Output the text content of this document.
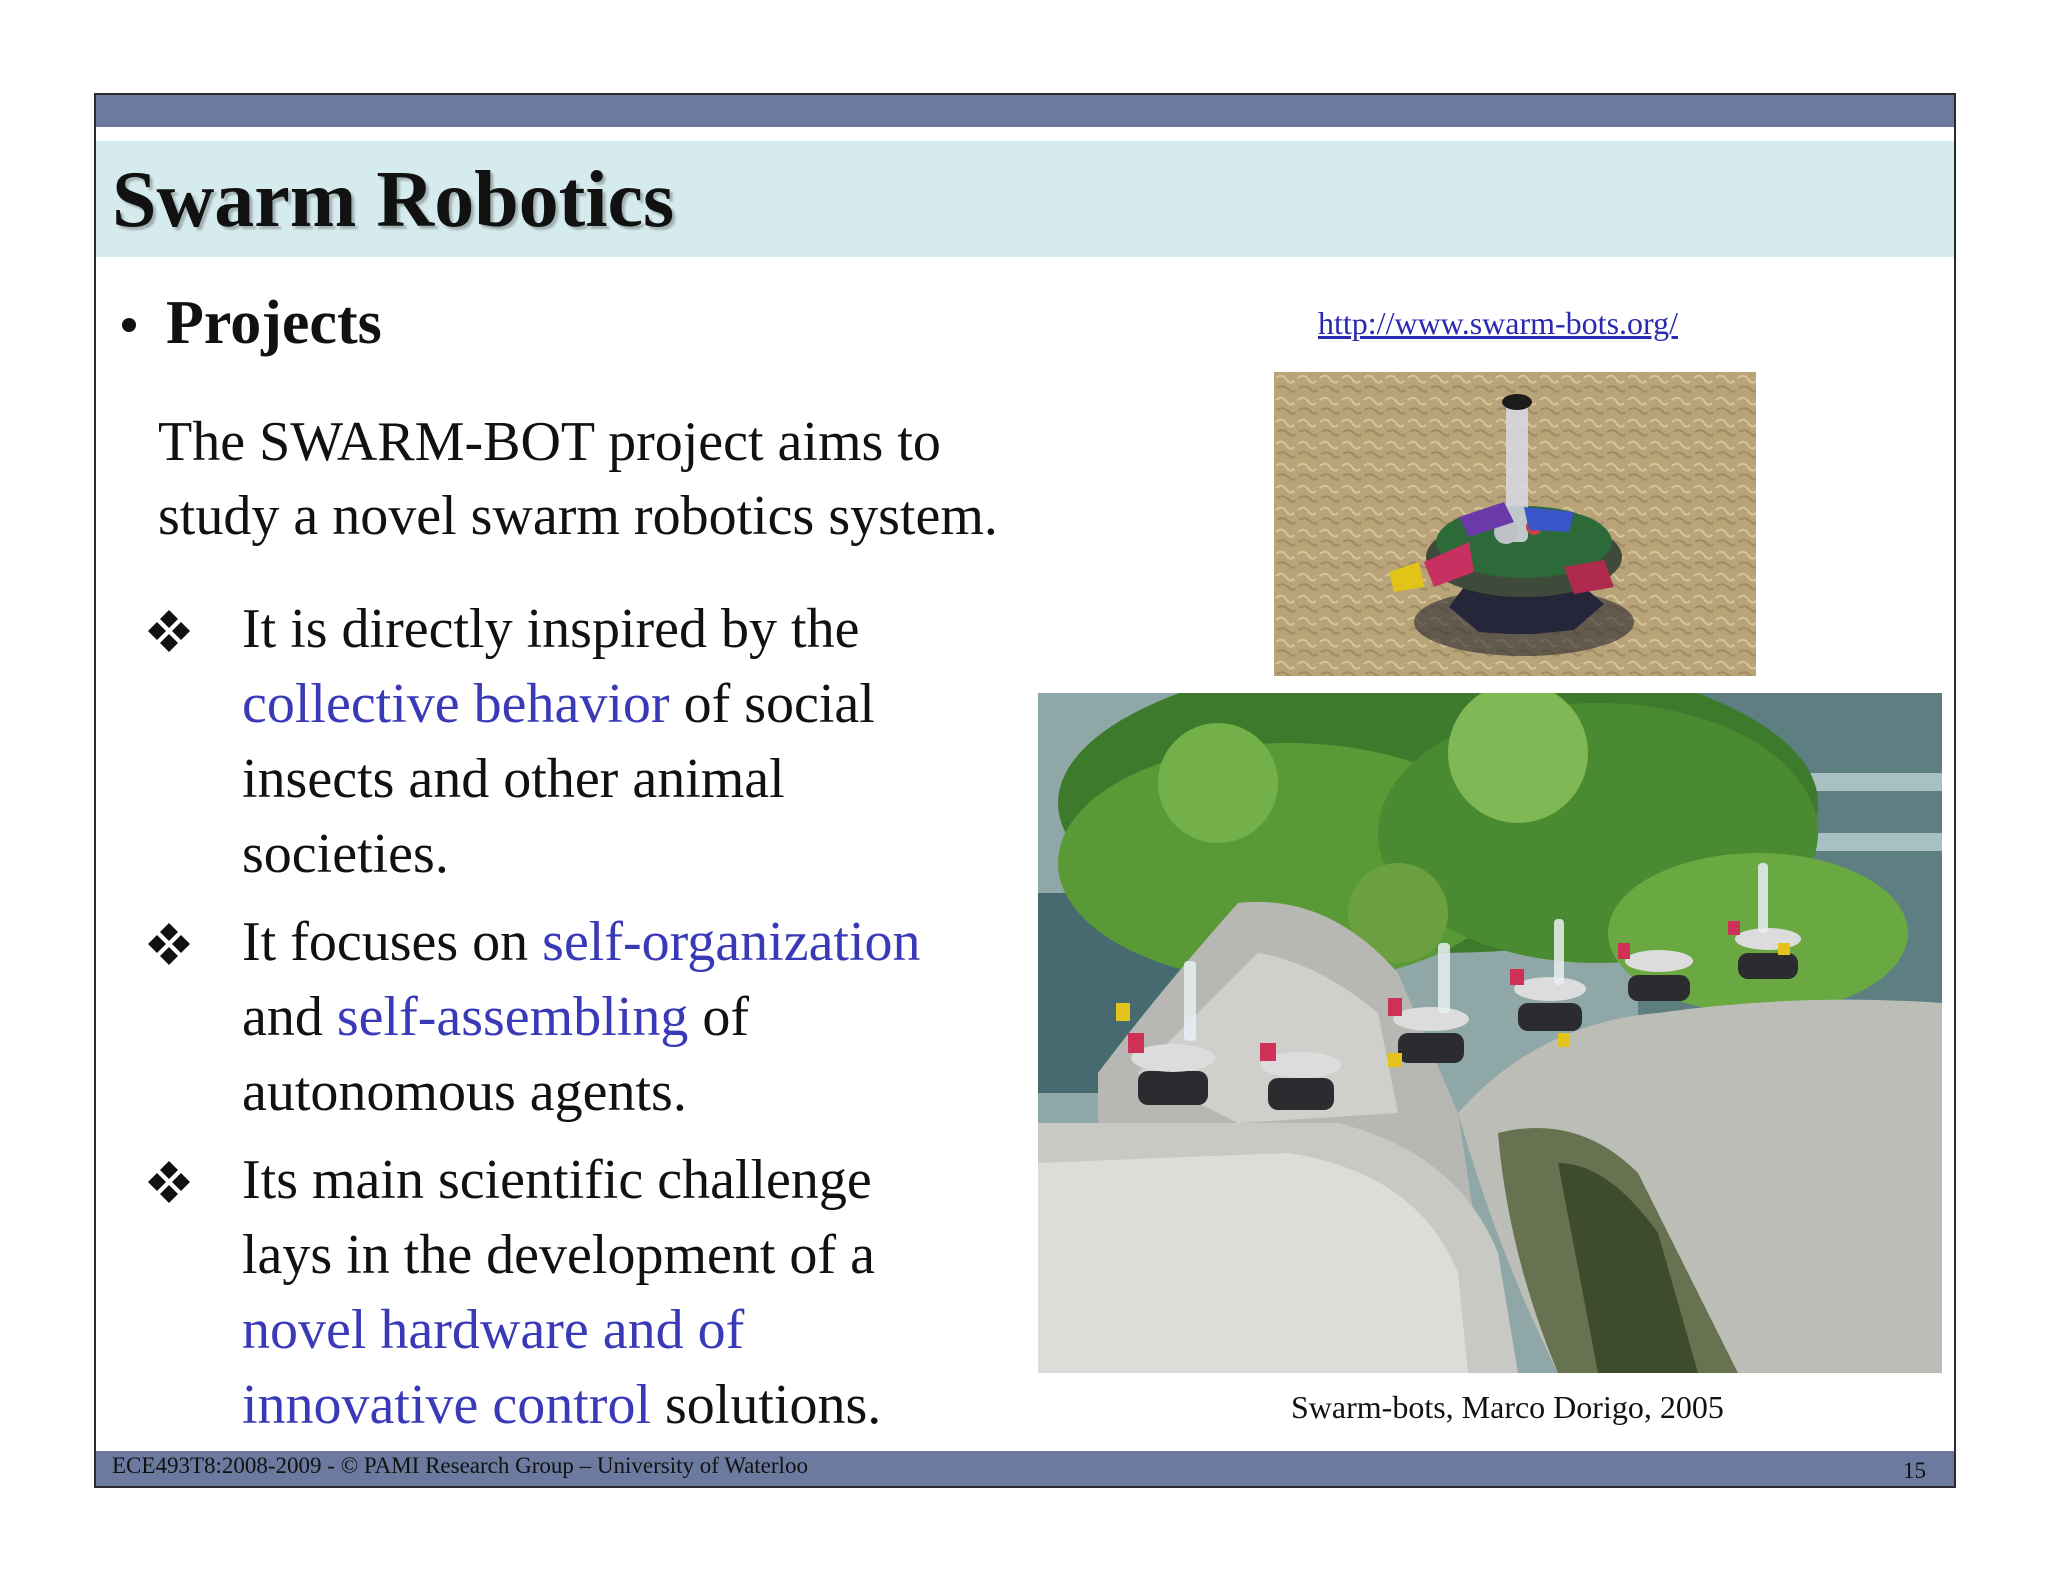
Swarm Robotics
Projects

The SWARM-BOT project aims to
study a novel swarm robotics system.

It is directly inspired by the
collective behavior of social
insects and other animal
societies.
It focuses on self-organization
and self-assembling of
autonomous agents.
Its main scientific challenge
lays in the development of a
novel hardware and of
innovative control solutions.
http://www.swarm-bots.org/
Swarm-bots, Marco Dorigo, 2005
ECE493T8:2008-2009 - © PAMI Research Group – University of Waterloo	15
